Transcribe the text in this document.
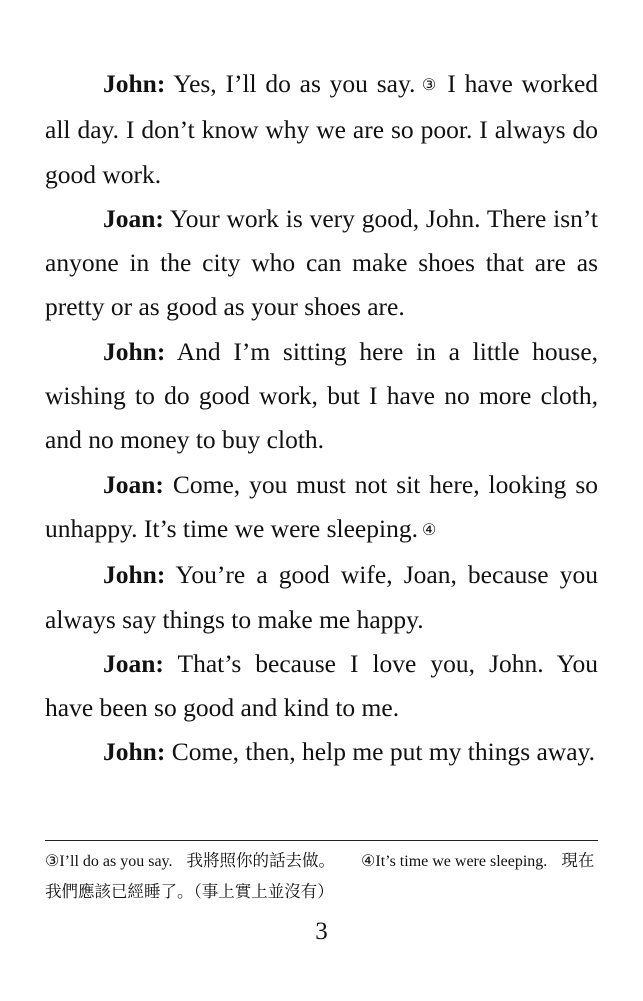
John: Yes, I’ll do as you say. ③ I have worked all day. I don’t know why we are so poor. I always do good work.

Joan: Your work is very good, John. There isn’t anyone in the city who can make shoes that are as pretty or as good as your shoes are.

John: And I’m sitting here in a little house, wishing to do good work, but I have no more cloth, and no money to buy cloth.

Joan: Come, you must not sit here, looking so unhappy. It’s time we were sleeping. ④

John: You’re a good wife, Joan, because you always say things to make me happy.

Joan: That’s because I love you, John. You have been so good and kind to me.

John: Come, then, help me put my things away.

③I’ll do as you say. 我將照你的話去做。 ④It’s time we were sleeping. 現在我們應該已經睡了。（事上實上並沒有）
3
